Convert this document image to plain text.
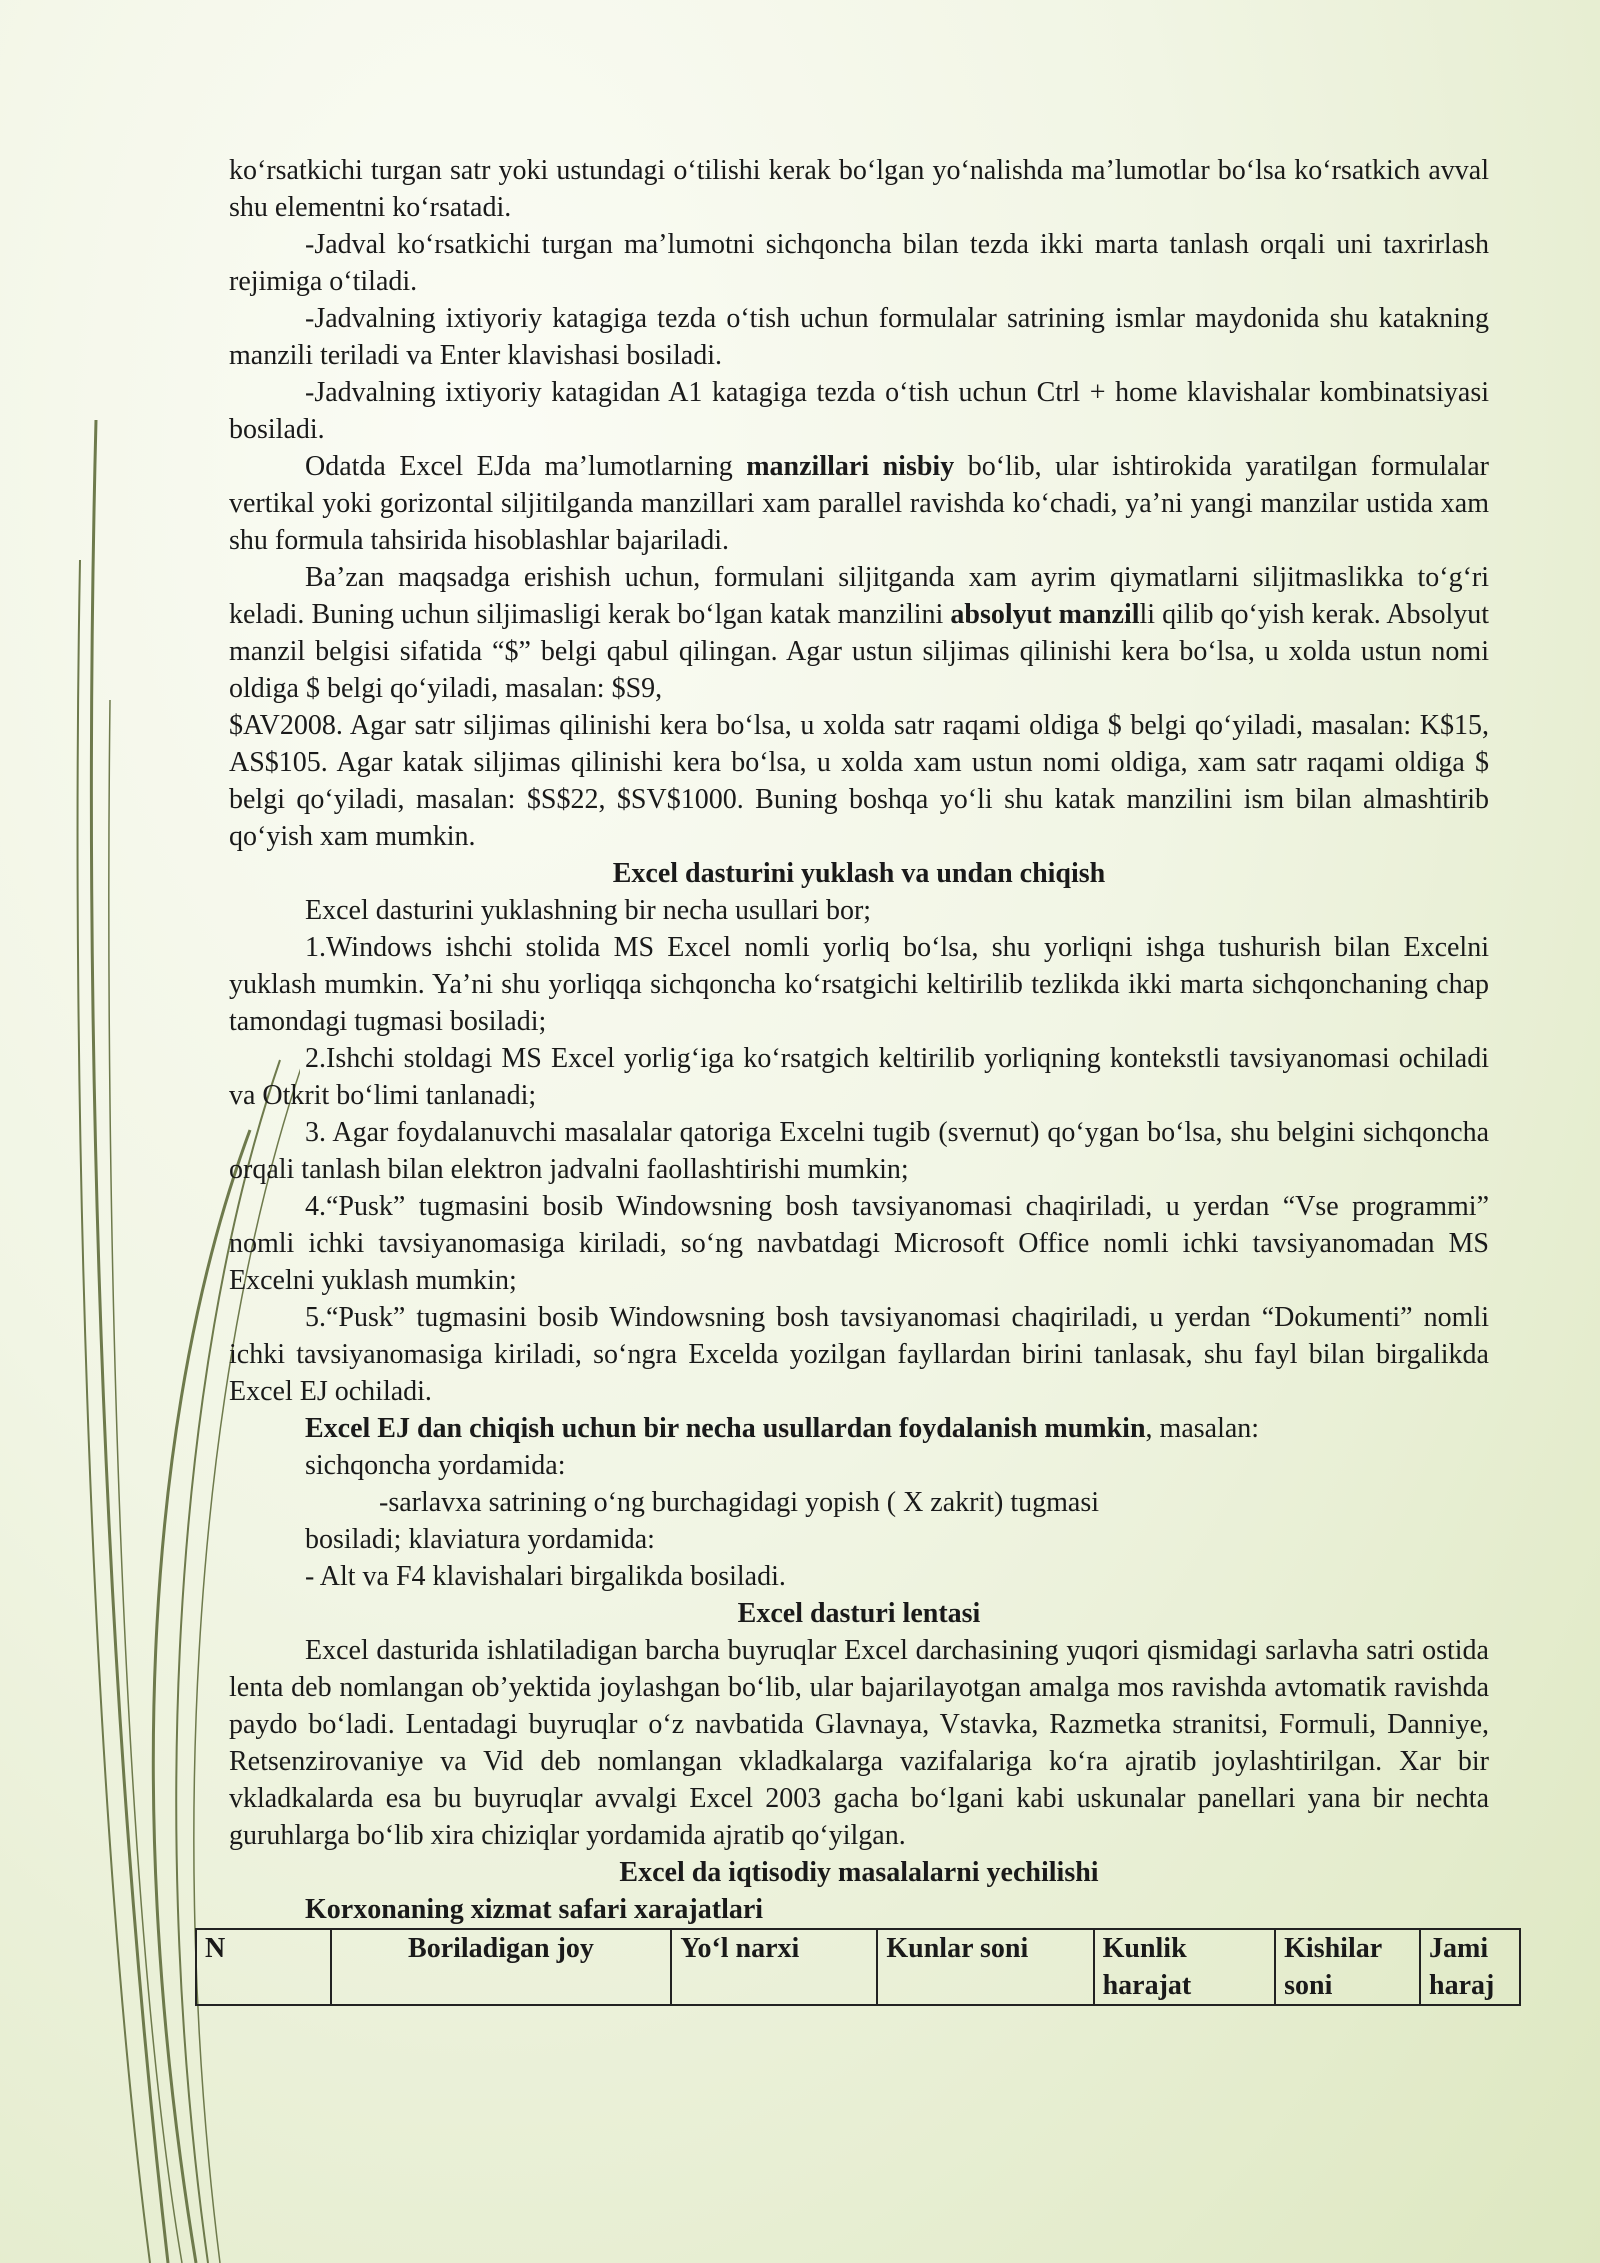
ko‘rsatkichi turgan satr yoki ustundagi o‘tilishi kerak bo‘lgan yo‘nalishda ma’lumotlar bo‘lsa ko‘rsatkich avval shu elementni ko‘rsatadi.

-Jadval ko‘rsatkichi turgan ma’lumotni sichqoncha bilan tezda ikki marta tanlash orqali uni taxrirlash rejimiga o‘tiladi.

-Jadvalning ixtiyoriy katagiga tezda o‘tish uchun formulalar satrining ismlar maydonida shu katakning manzili teriladi va Enter klavishasi bosiladi.

-Jadvalning ixtiyoriy katagidan A1 katagiga tezda o‘tish uchun Ctrl + home klavishalar kombinatsiyasi bosiladi.

Odatda Excel EJda ma’lumotlarning manzillari nisbiy bo‘lib, ular ishtirokida yaratilgan formulalar vertikal yoki gorizontal siljitilganda manzillari xam parallel ravishda ko‘chadi, ya’ni yangi manzilar ustida xam shu formula tahsirida hisoblashlar bajariladi.

Ba’zan maqsadga erishish uchun, formulani siljitganda xam ayrim qiymatlarni siljitmaslikka to‘g‘ri keladi. Buning uchun siljimasligi kerak bo‘lgan katak manzilini absolyut manzilli qilib qo‘yish kerak. Absolyut manzil belgisi sifatida “$” belgi qabul qilingan. Agar ustun siljimas qilinishi kera bo‘lsa, u xolda ustun nomi oldiga $ belgi qo‘yiladi, masalan: $S9,

$AV2008. Agar satr siljimas qilinishi kera bo‘lsa, u xolda satr raqami oldiga $ belgi qo‘yiladi, masalan: K$15, AS$105. Agar katak siljimas qilinishi kera bo‘lsa, u xolda xam ustun nomi oldiga, xam satr raqami oldiga $ belgi qo‘yiladi, masalan: $S$22, $SV$1000. Buning boshqa yo‘li shu katak manzilini ism bilan almashtirib qo‘yish xam mumkin.

Excel dasturini yuklash va undan chiqish

Excel dasturini yuklashning bir necha usullari bor;

1.Windows ishchi stolida MS Excel nomli yorliq bo‘lsa, shu yorliqni ishga tushurish bilan Excelni yuklash mumkin. Ya’ni shu yorliqqa sichqoncha ko‘rsatgichi keltirilib tezlikda ikki marta sichqonchaning chap tamondagi tugmasi bosiladi;

2.Ishchi stoldagi MS Excel yorlig‘iga ko‘rsatgich keltirilib yorliqning kontekstli tavsiyanomasi ochiladi va Otkrit bo‘limi tanlanadi;

3. Agar foydalanuvchi masalalar qatoriga Excelni tugib (svernut) qo‘ygan bo‘lsa, shu belgini sichqoncha orqali tanlash bilan elektron jadvalni faollashtirishi mumkin;

4.“Pusk” tugmasini bosib Windowsning bosh tavsiyanomasi chaqiriladi, u yerdan “Vse programmi” nomli ichki tavsiyanomasiga kiriladi, so‘ng navbatdagi Microsoft Office nomli ichki tavsiyanomadan MS Excelni yuklash mumkin;

5.“Pusk” tugmasini bosib Windowsning bosh tavsiyanomasi chaqiriladi, u yerdan “Dokumenti” nomli ichki tavsiyanomasiga kiriladi, so‘ngra Excelda yozilgan fayllardan birini tanlasak, shu fayl bilan birgalikda Excel EJ ochiladi.

Excel EJ dan chiqish uchun bir necha usullardan foydalanish mumkin, masalan:

sichqoncha yordamida:

-sarlavxa satrining o‘ng burchagidagi yopish ( X zakrit) tugmasi

bosiladi; klaviatura yordamida:

- Alt va F4 klavishalari birgalikda bosiladi.

Excel dasturi lentasi

Excel dasturida ishlatiladigan barcha buyruqlar Excel darchasining yuqori qismidagi sarlavha satri ostida lenta deb nomlangan ob’yektida joylashgan bo‘lib, ular bajarilayotgan amalga mos ravishda avtomatik ravishda paydo bo‘ladi. Lentadagi buyruqlar o‘z navbatida Glavnaya, Vstavka, Razmetka stranitsi, Formuli, Danniye, Retsenzirovaniye va Vid deb nomlangan vkladkalarga vazifalariga ko‘ra ajratib joylashtirilgan. Xar bir vkladkalarda esa bu buyruqlar avvalgi Excel 2003 gacha bo‘lgani kabi uskunalar panellari yana bir nechta guruhlarga bo‘lib xira chiziqlar yordamida ajratib qo‘yilgan.

Excel da iqtisodiy masalalarni yechilishi

Korxonaning xizmat safari xarajatlari

N	Boriladigan joy	Yo‘l narxi	Kunlar soni	Kunlik harajat	Kishilar soni	Jami haraj
